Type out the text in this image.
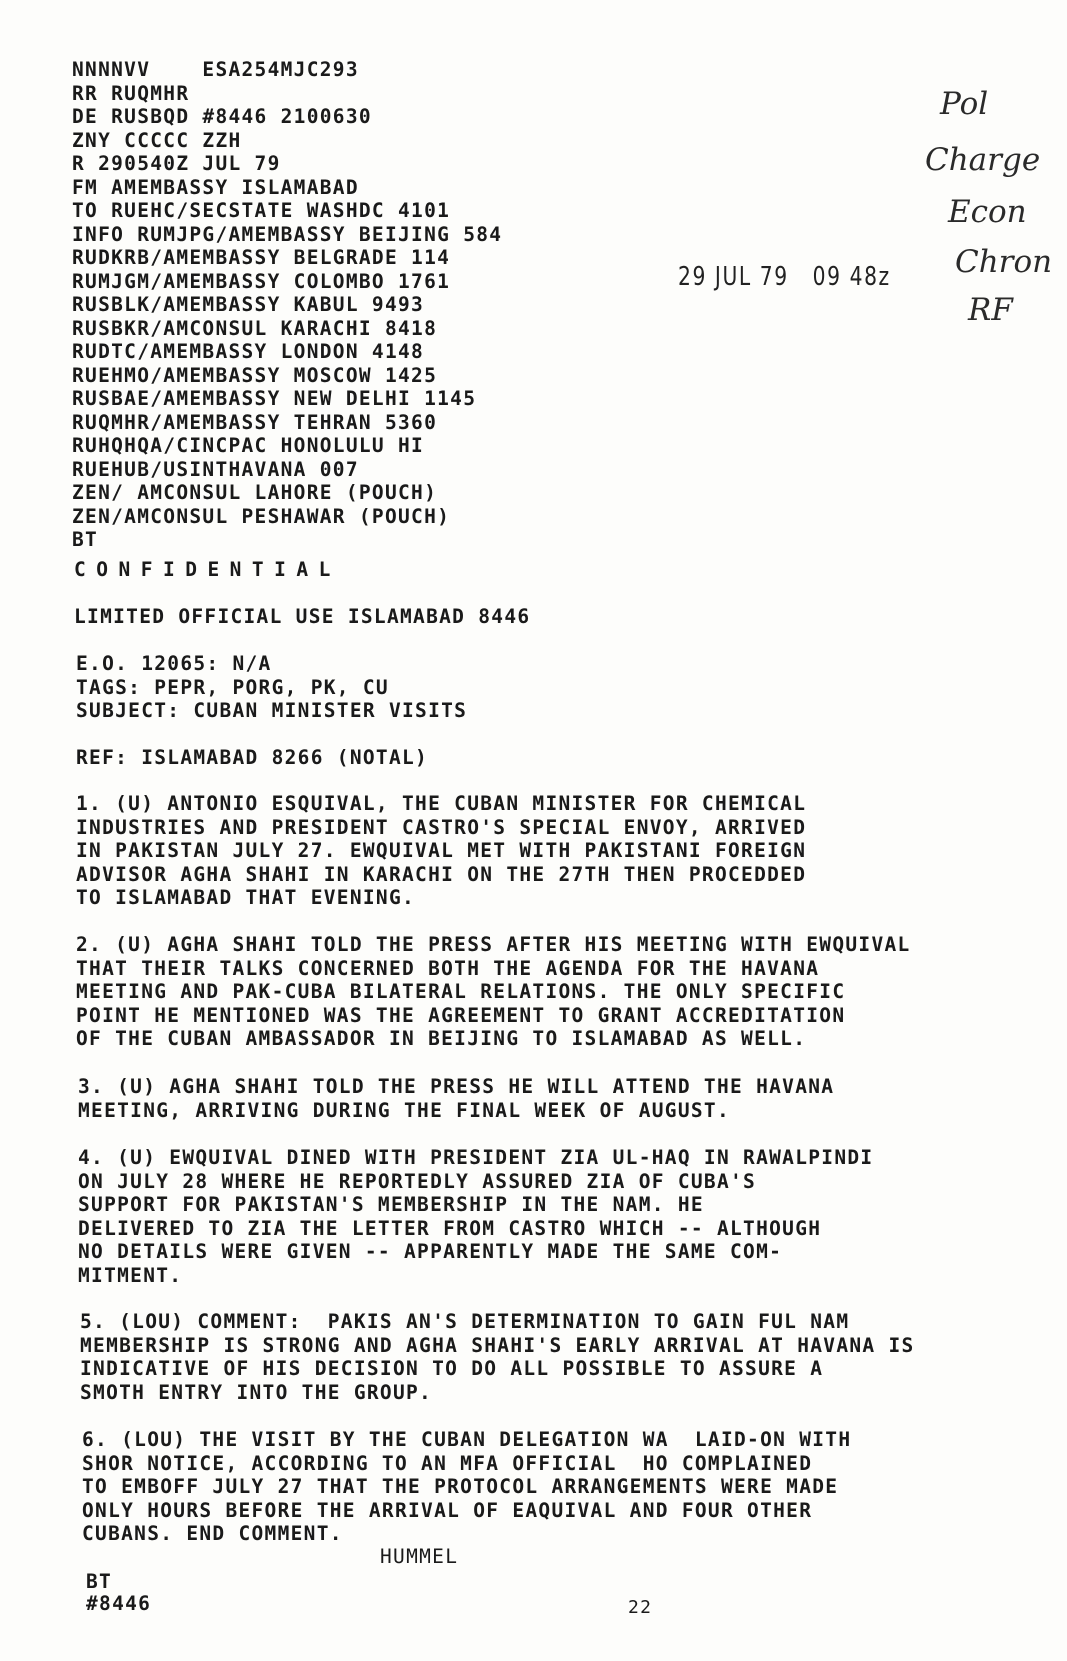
NNNNVV    ESA254MJC293
RR RUQMHR
DE RUSBQD #8446 2100630
ZNY CCCCC ZZH
R 290540Z JUL 79
FM AMEMBASSY ISLAMABAD
TO RUEHC/SECSTATE WASHDC 4101
INFO RUMJPG/AMEMBASSY BEIJING 584
RUDKRB/AMEMBASSY BELGRADE 114
RUMJGM/AMEMBASSY COLOMBO 1761
RUSBLK/AMEMBASSY KABUL 9493
RUSBKR/AMCONSUL KARACHI 8418
RUDTC/AMEMBASSY LONDON 4148
RUEHMO/AMEMBASSY MOSCOW 1425
RUSBAE/AMEMBASSY NEW DELHI 1145
RUQMHR/AMEMBASSY TEHRAN 5360
RUHQHQA/CINCPAC HONOLULU HI
RUEHUB/USINTHAVANA 007
ZEN/ AMCONSUL LAHORE (POUCH)
ZEN/AMCONSUL PESHAWAR (POUCH)
BT
29 JUL 79   09 48z
Pol
Charge
Econ
Chron
RF
CONFIDENTIAL
LIMITED OFFICIAL USE ISLAMABAD 8446
E.O. 12065: N/A
TAGS: PEPR, PORG, PK, CU
SUBJECT: CUBAN MINISTER VISITS
REF: ISLAMABAD 8266 (NOTAL)
1. (U) ANTONIO ESQUIVAL, THE CUBAN MINISTER FOR CHEMICAL
INDUSTRIES AND PRESIDENT CASTRO'S SPECIAL ENVOY, ARRIVED
IN PAKISTAN JULY 27. EWQUIVAL MET WITH PAKISTANI FOREIGN
ADVISOR AGHA SHAHI IN KARACHI ON THE 27TH THEN PROCEDDED
TO ISLAMABAD THAT EVENING.
2. (U) AGHA SHAHI TOLD THE PRESS AFTER HIS MEETING WITH EWQUIVAL
THAT THEIR TALKS CONCERNED BOTH THE AGENDA FOR THE HAVANA
MEETING AND PAK-CUBA BILATERAL RELATIONS. THE ONLY SPECIFIC
POINT HE MENTIONED WAS THE AGREEMENT TO GRANT ACCREDITATION
OF THE CUBAN AMBASSADOR IN BEIJING TO ISLAMABAD AS WELL.
3. (U) AGHA SHAHI TOLD THE PRESS HE WILL ATTEND THE HAVANA
MEETING, ARRIVING DURING THE FINAL WEEK OF AUGUST.
4. (U) EWQUIVAL DINED WITH PRESIDENT ZIA UL-HAQ IN RAWALPINDI
ON JULY 28 WHERE HE REPORTEDLY ASSURED ZIA OF CUBA'S
SUPPORT FOR PAKISTAN'S MEMBERSHIP IN THE NAM. HE
DELIVERED TO ZIA THE LETTER FROM CASTRO WHICH -- ALTHOUGH
NO DETAILS WERE GIVEN -- APPARENTLY MADE THE SAME COM-
MITMENT.
5. (LOU) COMMENT:  PAKIS AN'S DETERMINATION TO GAIN FUL NAM
MEMBERSHIP IS STRONG AND AGHA SHAHI'S EARLY ARRIVAL AT HAVANA IS
INDICATIVE OF HIS DECISION TO DO ALL POSSIBLE TO ASSURE A
SMOTH ENTRY INTO THE GROUP.
6. (LOU) THE VISIT BY THE CUBAN DELEGATION WA  LAID-ON WITH
SHOR NOTICE, ACCORDING TO AN MFA OFFICIAL  HO COMPLAINED
TO EMBOFF JULY 27 THAT THE PROTOCOL ARRANGEMENTS WERE MADE
ONLY HOURS BEFORE THE ARRIVAL OF EAQUIVAL AND FOUR OTHER
CUBANS. END COMMENT.
HUMMEL
BT
#8446	22
